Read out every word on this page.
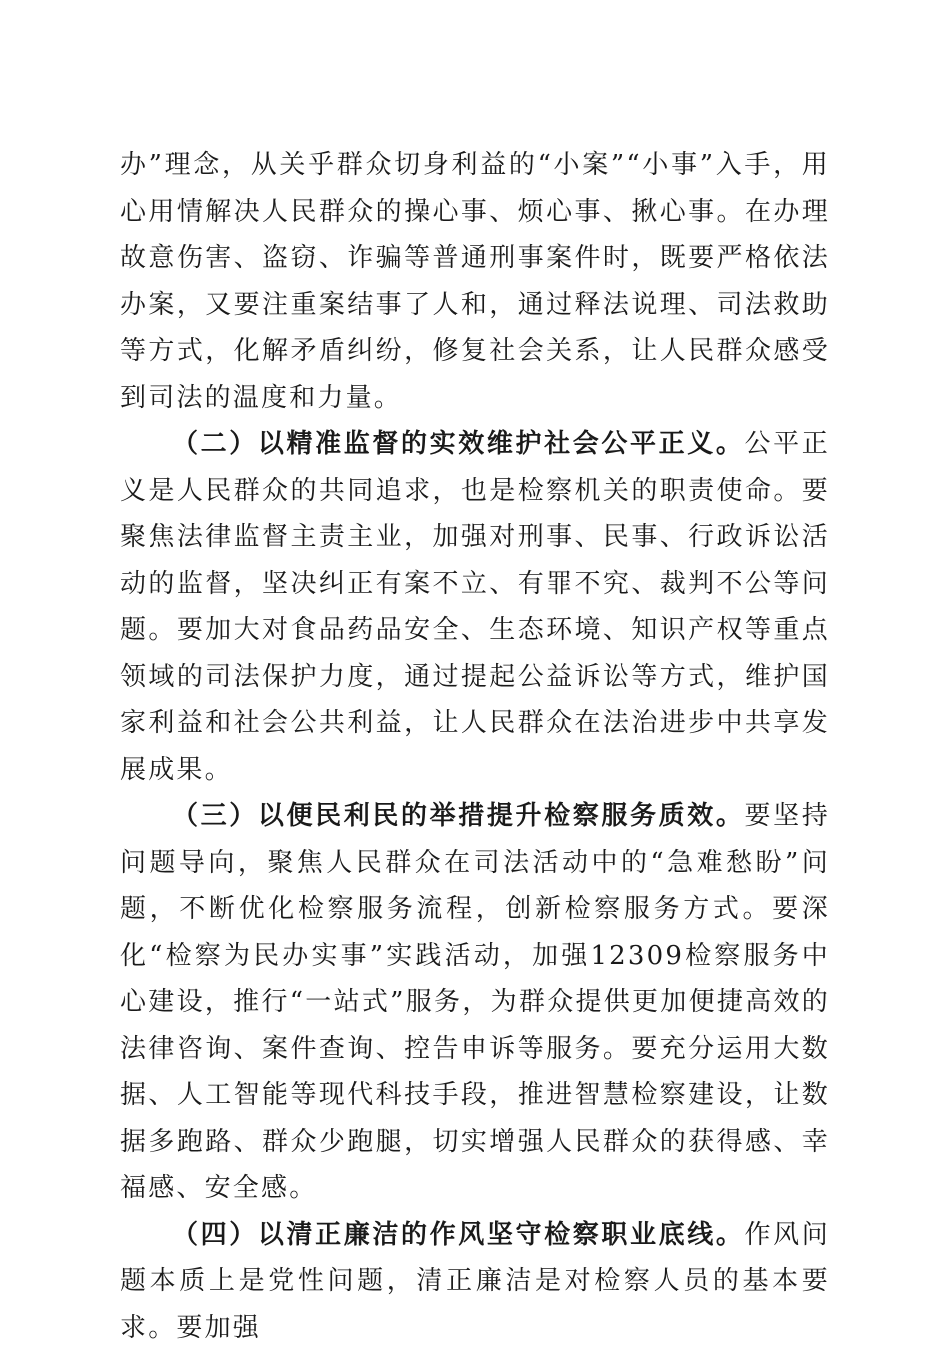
办”理念，从关乎群众切身利益的“小案”“小事”入手，用心用情解决人民群众的操心事、烦心事、揪心事。在办理故意伤害、盗窃、诈骗等普通刑事案件时，既要严格依法办案，又要注重案结事了人和，通过释法说理、司法救助等方式，化解矛盾纠纷，修复社会关系，让人民群众感受到司法的温度和力量。

（二）以精准监督的实效维护社会公平正义。公平正义是人民群众的共同追求，也是检察机关的职责使命。要聚焦法律监督主责主业，加强对刑事、民事、行政诉讼活动的监督，坚决纠正有案不立、有罪不究、裁判不公等问题。要加大对食品药品安全、生态环境、知识产权等重点领域的司法保护力度，通过提起公益诉讼等方式，维护国家利益和社会公共利益，让人民群众在法治进步中共享发展成果。

（三）以便民利民的举措提升检察服务质效。要坚持问题导向，聚焦人民群众在司法活动中的“急难愁盼”问题，不断优化检察服务流程，创新检察服务方式。要深化“检察为民办实事”实践活动，加强12309检察服务中心建设，推行“一站式”服务，为群众提供更加便捷高效的法律咨询、案件查询、控告申诉等服务。要充分运用大数据、人工智能等现代科技手段，推进智慧检察建设，让数据多跑路、群众少跑腿，切实增强人民群众的获得感、幸福感、安全感。

（四）以清正廉洁的作风坚守检察职业底线。作风问题本质上是党性问题，清正廉洁是对检察人员的基本要求。要加强
